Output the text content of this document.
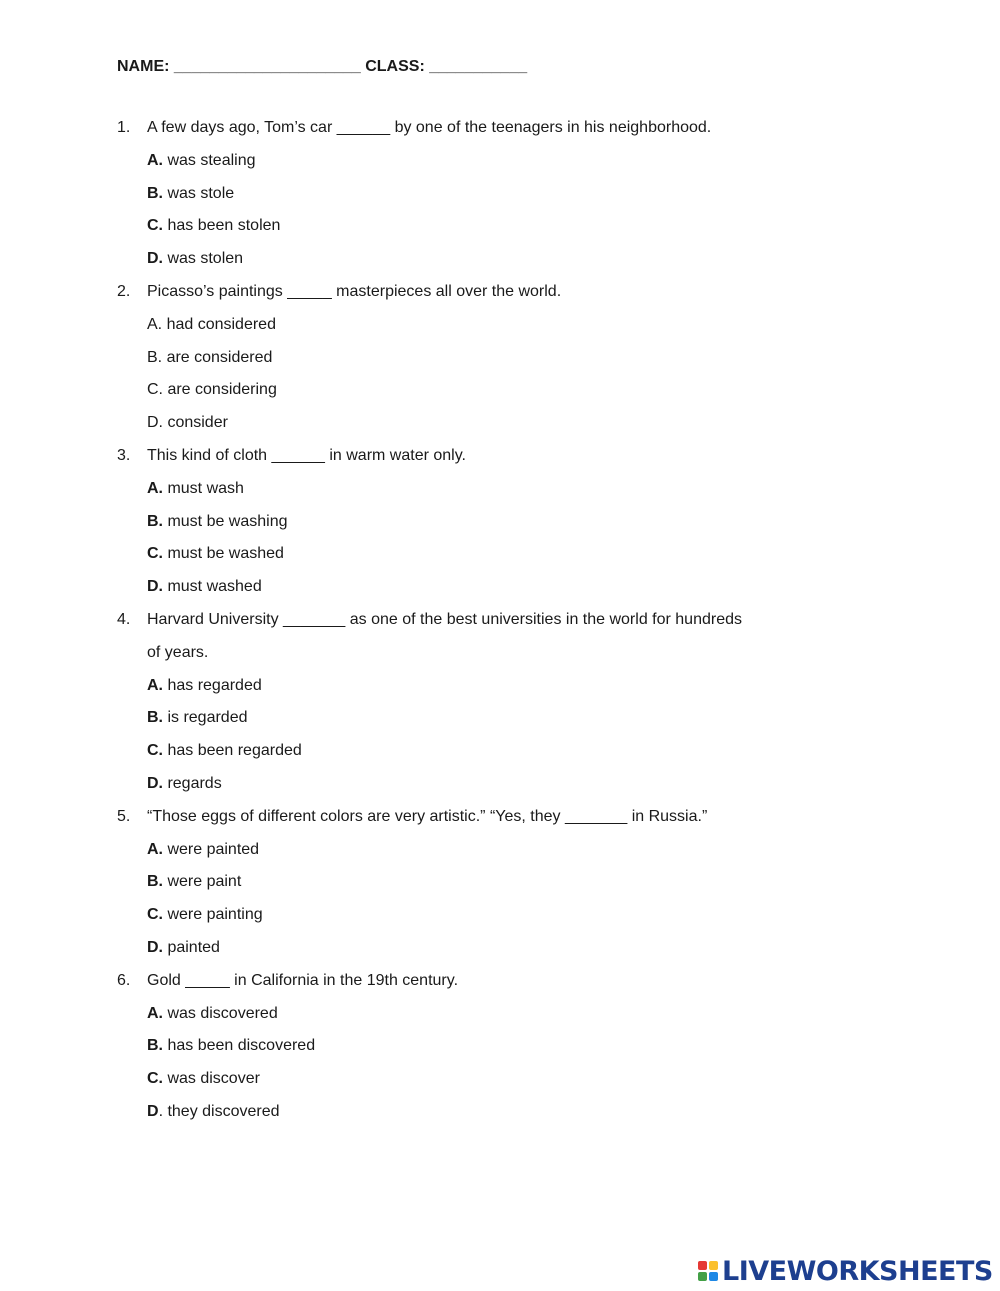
NAME: _____________________ CLASS: ___________
1. A few days ago, Tom’s car ______ by one of the teenagers in his neighborhood.
A. was stealing
B. was stole
C. has been stolen
D. was stolen
2. Picasso’s paintings _____ masterpieces all over the world.
A. had considered
B. are considered
C. are considering
D. consider
3. This kind of cloth ______ in warm water only.
A. must wash
B. must be washing
C. must be washed
D. must washed
4. Harvard University _______ as one of the best universities in the world for hundreds
of years.
A. has regarded
B. is regarded
C. has been regarded
D. regards
5. “Those eggs of different colors are very artistic.” “Yes, they _______ in Russia.”
A. were painted
B. were paint
C. were painting
D. painted
6. Gold _____ in California in the 19th century.
A. was discovered
B. has been discovered
C. was discover
D. they discovered
LIVEWORKSHEETS
